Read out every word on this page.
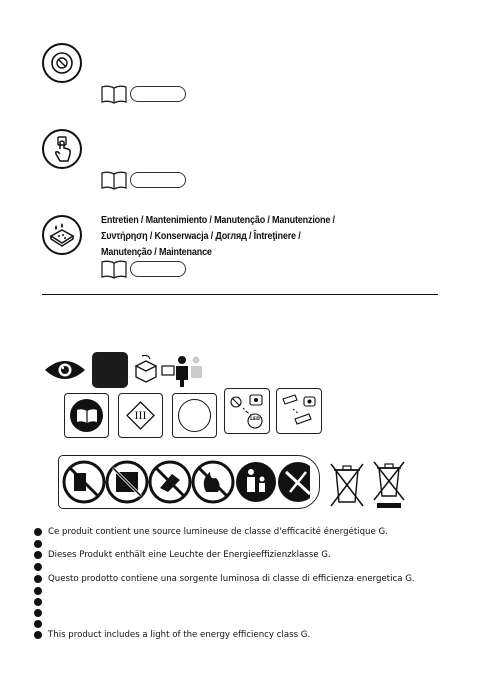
Entretien / Mantenimiento / Manutenção / Manutenzione /
Συντήρηση / Konserwacja / Догляд / Întreţinere /
Manutenção / Maintenance
III	LED
Ce produit contient une source lumineuse de classe d'efficacité énergétique G.
Dieses Produkt enthält eine Leuchte der Energieeffizienzklasse G.
Questo prodotto contiene una sorgente luminosa di classe di efficienza energetica G.
This product includes a light of the energy efficiency class G.
